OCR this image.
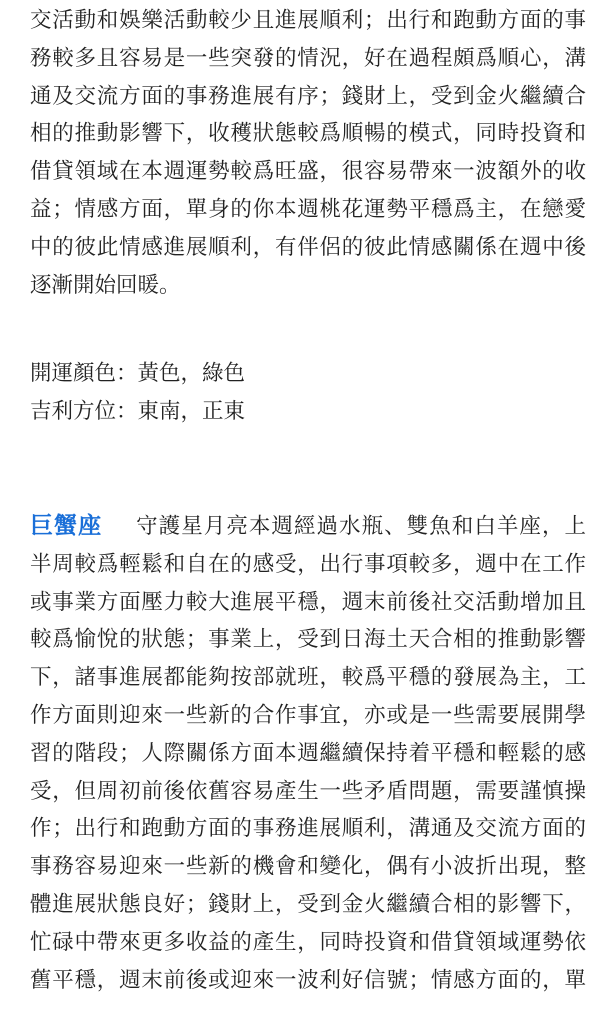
交活動和娛樂活動較少且進展順利；出行和跑動方面的事
務較多且容易是一些突發的情況，好在過程頗爲順心，溝
通及交流方面的事務進展有序；錢財上，受到金火繼續合
相的推動影響下，收穫狀態較爲順暢的模式，同時投資和
借貸領域在本週運勢較爲旺盛，很容易帶來一波額外的收
益；情感方面，單身的你本週桃花運勢平穩爲主，在戀愛
中的彼此情感進展順利，有伴侶的彼此情感關係在週中後
逐漸開始回暖。

開運顏色：黃色，綠色
吉利方位：東南，正東

巨蟹座 守護星月亮本週經過水瓶、雙魚和白羊座，上
半周較爲輕鬆和自在的感受，出行事項較多，週中在工作
或事業方面壓力較大進展平穩，週末前後社交活動增加且
較爲愉悅的狀態；事業上，受到日海土天合相的推動影響
下，諸事進展都能夠按部就班，較爲平穩的發展為主，工
作方面則迎來一些新的合作事宜，亦或是一些需要展開學
習的階段；人際關係方面本週繼續保持着平穩和輕鬆的感
受，但周初前後依舊容易產生一些矛盾問題，需要謹慎操
作；出行和跑動方面的事務進展順利，溝通及交流方面的
事務容易迎來一些新的機會和變化，偶有小波折出現，整
體進展狀態良好；錢財上，受到金火繼續合相的影響下，
忙碌中帶來更多收益的產生，同時投資和借貸領域運勢依
舊平穩，週末前後或迎來一波利好信號；情感方面的，單
